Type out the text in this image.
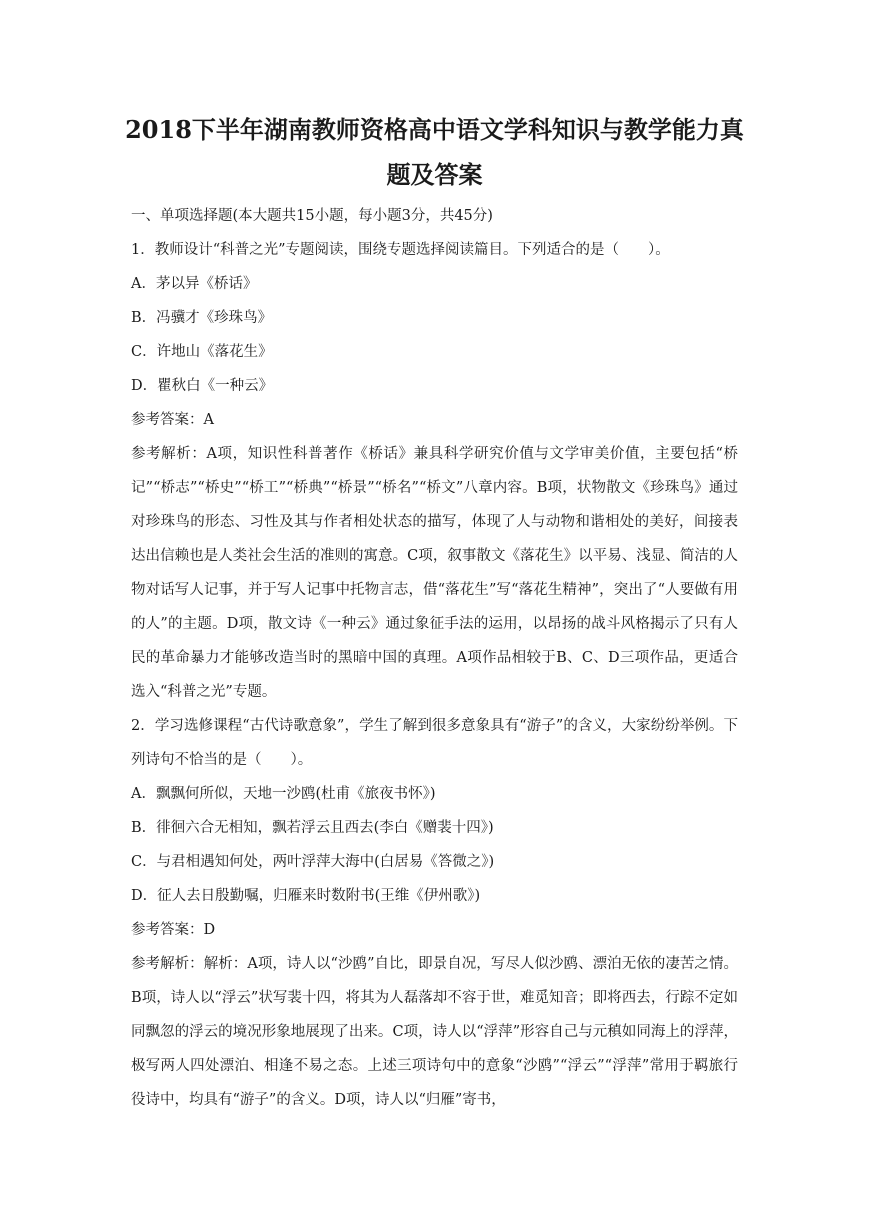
2018下半年湖南教师资格高中语文学科知识与教学能力真
题及答案
一、单项选择题(本大题共15小题，每小题3分，共45分)
1．教师设计“科普之光”专题阅读，围绕专题选择阅读篇目。下列适合的是（　　）。
A．茅以异《桥话》
B．冯骥才《珍珠鸟》
C．许地山《落花生》
D．瞿秋白《一种云》
参考答案：A
参考解析：A项，知识性科普著作《桥话》兼具科学研究价值与文学审美价值，主要包括“桥记”“桥志”“桥史”“桥工”“桥典”“桥景”“桥名”“桥文”八章内容。B项，状物散文《珍珠鸟》通过对珍珠鸟的形态、习性及其与作者相处状态的描写，体现了人与动物和谐相处的美好，间接表达出信赖也是人类社会生活的准则的寓意。C项，叙事散文《落花生》以平易、浅显、简洁的人物对话写人记事，并于写人记事中托物言志，借“落花生”写“落花生精神”，突出了“人要做有用的人”的主题。D项，散文诗《一种云》通过象征手法的运用，以昂扬的战斗风格揭示了只有人民的革命暴力才能够改造当时的黑暗中国的真理。A项作品相较于B、C、D三项作品，更适合选入“科普之光”专题。
2．学习选修课程“古代诗歌意象”，学生了解到很多意象具有“游子”的含义，大家纷纷举例。下列诗句不恰当的是（　　）。
A．飘飘何所似，天地一沙鸥(杜甫《旅夜书怀》)
B．徘徊六合无相知，飘若浮云且西去(李白《赠裴十四》)
C．与君相遇知何处，两叶浮萍大海中(白居易《答微之》)
D．征人去日殷勤嘱，归雁来时数附书(王维《伊州歌》)
参考答案：D
参考解析：解析：A项，诗人以“沙鸥”自比，即景自况，写尽人似沙鸥、漂泊无依的凄苦之情。B项，诗人以“浮云”状写裴十四，将其为人磊落却不容于世，难觅知音；即将西去，行踪不定如同飘忽的浮云的境况形象地展现了出来。C项，诗人以“浮萍”形容自己与元稹如同海上的浮萍，极写两人四处漂泊、相逢不易之态。上述三项诗句中的意象“沙鸥”“浮云”“浮萍”常用于羁旅行役诗中，均具有“游子”的含义。D项，诗人以“归雁”寄书，
